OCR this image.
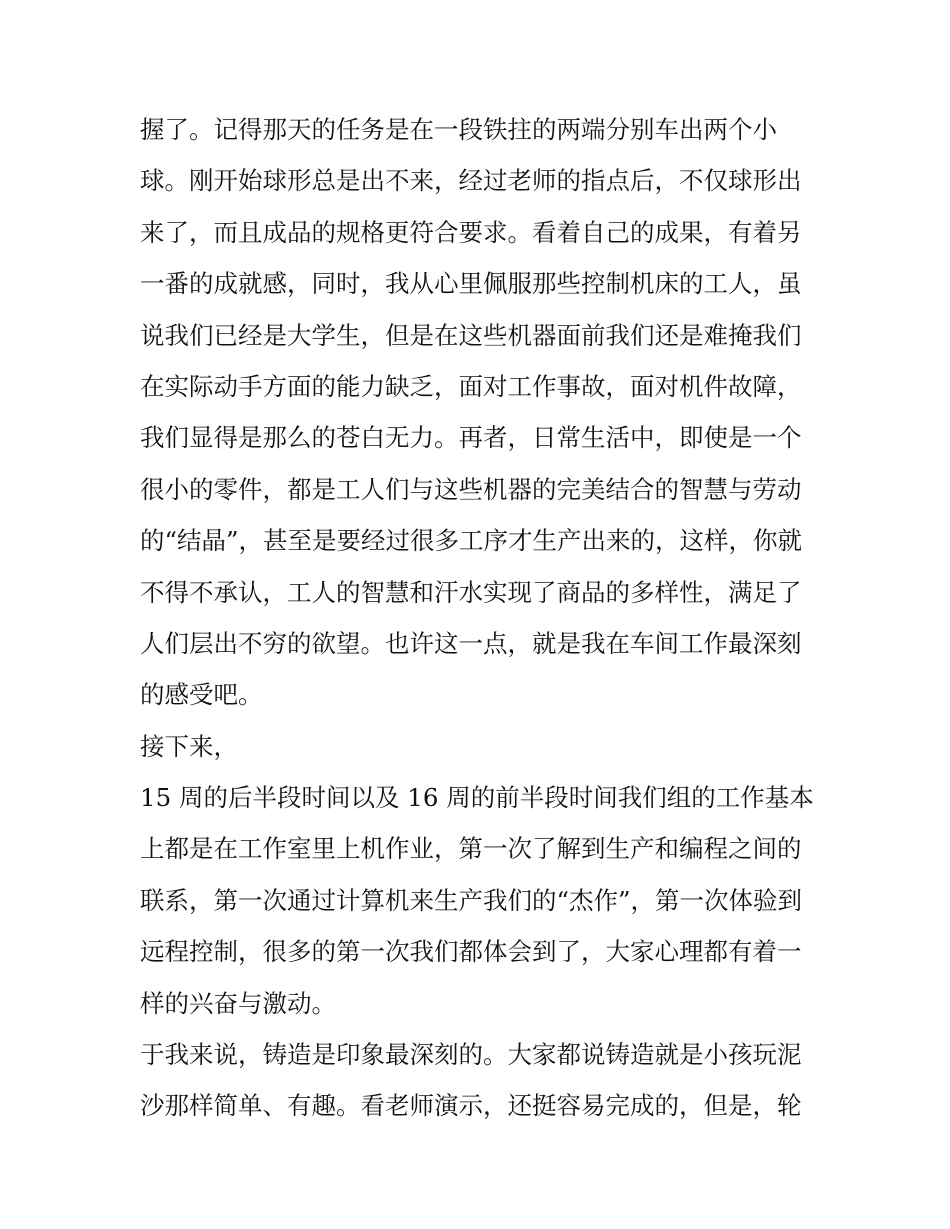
握了。记得那天的任务是在一段铁拄的两端分别车出两个小
球。刚开始球形总是出不来，经过老师的指点后，不仅球形出
来了，而且成品的规格更符合要求。看着自己的成果，有着另
一番的成就感，同时，我从心里佩服那些控制机床的工人，虽
说我们已经是大学生，但是在这些机器面前我们还是难掩我们
在实际动手方面的能力缺乏，面对工作事故，面对机件故障，
我们显得是那么的苍白无力。再者，日常生活中，即使是一个
很小的零件，都是工人们与这些机器的完美结合的智慧与劳动
的“结晶”，甚至是要经过很多工序才生产出来的，这样，你就
不得不承认，工人的智慧和汗水实现了商品的多样性，满足了
人们层出不穷的欲望。也许这一点，就是我在车间工作最深刻
的感受吧。
接下来，
15 周的后半段时间以及 16 周的前半段时间我们组的工作基本
上都是在工作室里上机作业，第一次了解到生产和编程之间的
联系，第一次通过计算机来生产我们的“杰作”，第一次体验到
远程控制，很多的第一次我们都体会到了，大家心理都有着一
样的兴奋与激动。
于我来说，铸造是印象最深刻的。大家都说铸造就是小孩玩泥
沙那样简单、有趣。看老师演示，还挺容易完成的，但是，轮
